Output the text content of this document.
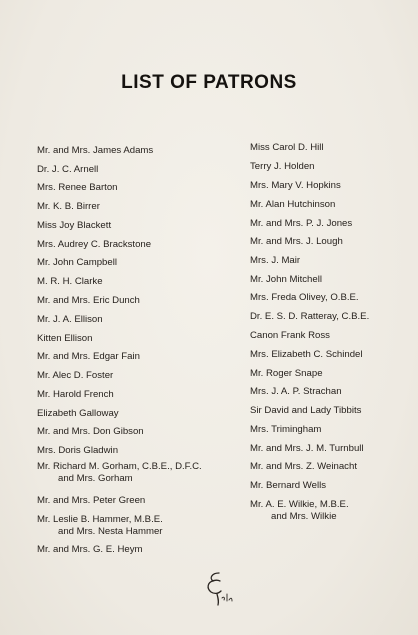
LIST OF PATRONS
Mr. and Mrs. James Adams
Dr. J. C. Arnell
Mrs. Renee Barton
Mr. K. B. Birrer
Miss Joy Blackett
Mrs. Audrey C. Brackstone
Mr. John Campbell
M. R. H. Clarke
Mr. and Mrs. Eric Dunch
Mr. J. A. Ellison
Kitten Ellison
Mr. and Mrs. Edgar Fain
Mr. Alec D. Foster
Mr. Harold French
Elizabeth Galloway
Mr. and Mrs. Don Gibson
Mrs. Doris Gladwin
Mr. Richard M. Gorham, C.B.E., D.F.C.
and Mrs. Gorham
Mr. and Mrs. Peter Green
Mr. Leslie B. Hammer, M.B.E.
and Mrs. Nesta Hammer
Mr. and Mrs. G. E. Heym
Miss Carol D. Hill
Terry J. Holden
Mrs. Mary V. Hopkins
Mr. Alan Hutchinson
Mr. and Mrs. P. J. Jones
Mr. and Mrs. J. Lough
Mrs. J. Mair
Mr. John Mitchell
Mrs. Freda Olivey, O.B.E.
Dr. E. S. D. Ratteray, C.B.E.
Canon Frank Ross
Mrs. Elizabeth C. Schindel
Mr. Roger Snape
Mrs. J. A. P. Strachan
Sir David and Lady Tibbits
Mrs. Trimingham
Mr. and Mrs. J. M. Turnbull
Mr. and Mrs. Z. Weinacht
Mr. Bernard Wells
Mr. A. E. Wilkie, M.B.E.
and Mrs. Wilkie
